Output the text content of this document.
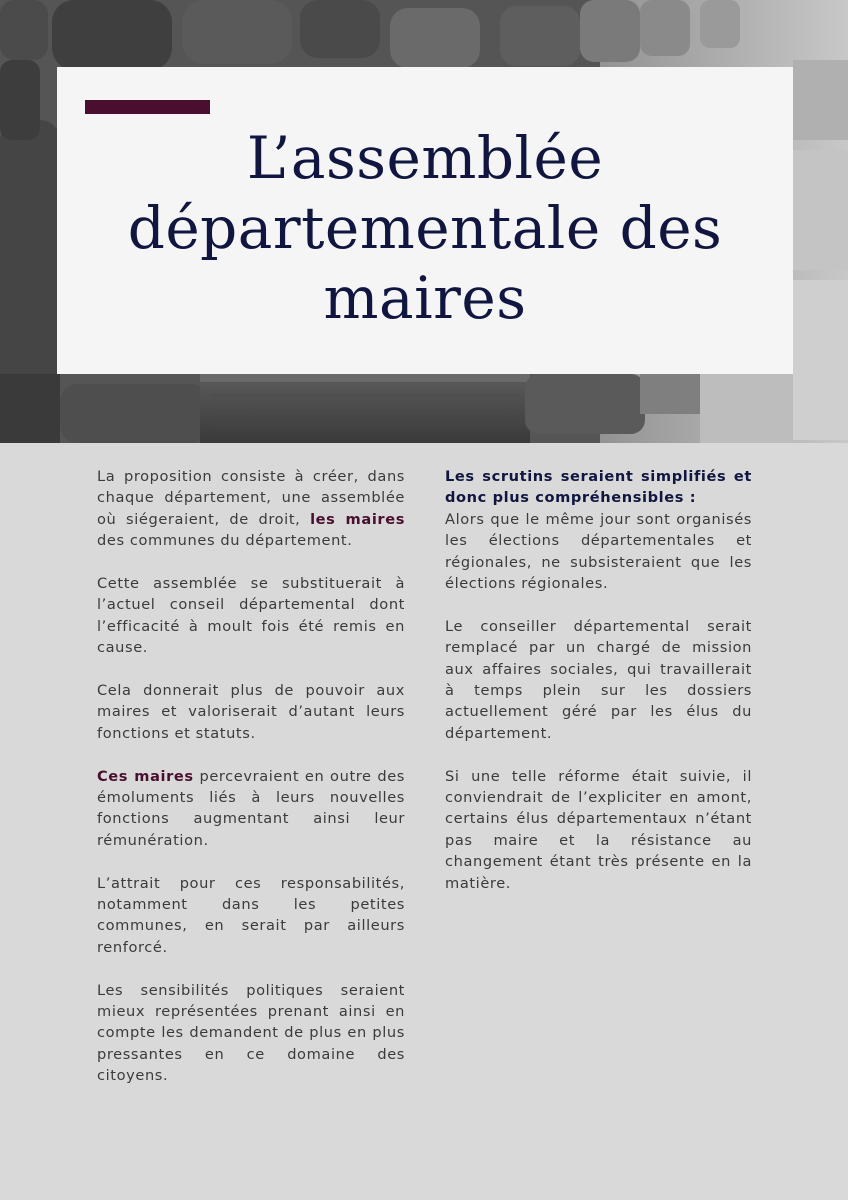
L’assemblée départementale des maires

La proposition consiste à créer, dans chaque département, une assemblée où siégeraient, de droit, les maires des communes du département.

Cette assemblée se substituerait à l’actuel conseil départemental dont l’efficacité à moult fois été remis en cause.

Cela donnerait plus de pouvoir aux maires et valoriserait d’autant leurs fonctions et statuts.

Ces maires percevraient en outre des émoluments liés à leurs nouvelles fonctions augmentant ainsi leur rémunération.

L’attrait pour ces responsabilités, notamment dans les petites communes, en serait par ailleurs renforcé.

Les sensibilités politiques seraient mieux représentées prenant ainsi en compte les demandent de plus en plus pressantes en ce domaine des citoyens.

Les scrutins seraient simplifiés et donc plus compréhensibles :

Alors que le même jour sont organisés les élections départementales et régionales, ne subsisteraient que les élections régionales.

Le conseiller départemental serait remplacé par un chargé de mission aux affaires sociales, qui travaillerait à temps plein sur les dossiers actuellement géré par les élus du département.

Si une telle réforme était suivie, il conviendrait de l’expliciter en amont, certains élus départementaux n’étant pas maire et la résistance au changement étant très présente en la matière.
